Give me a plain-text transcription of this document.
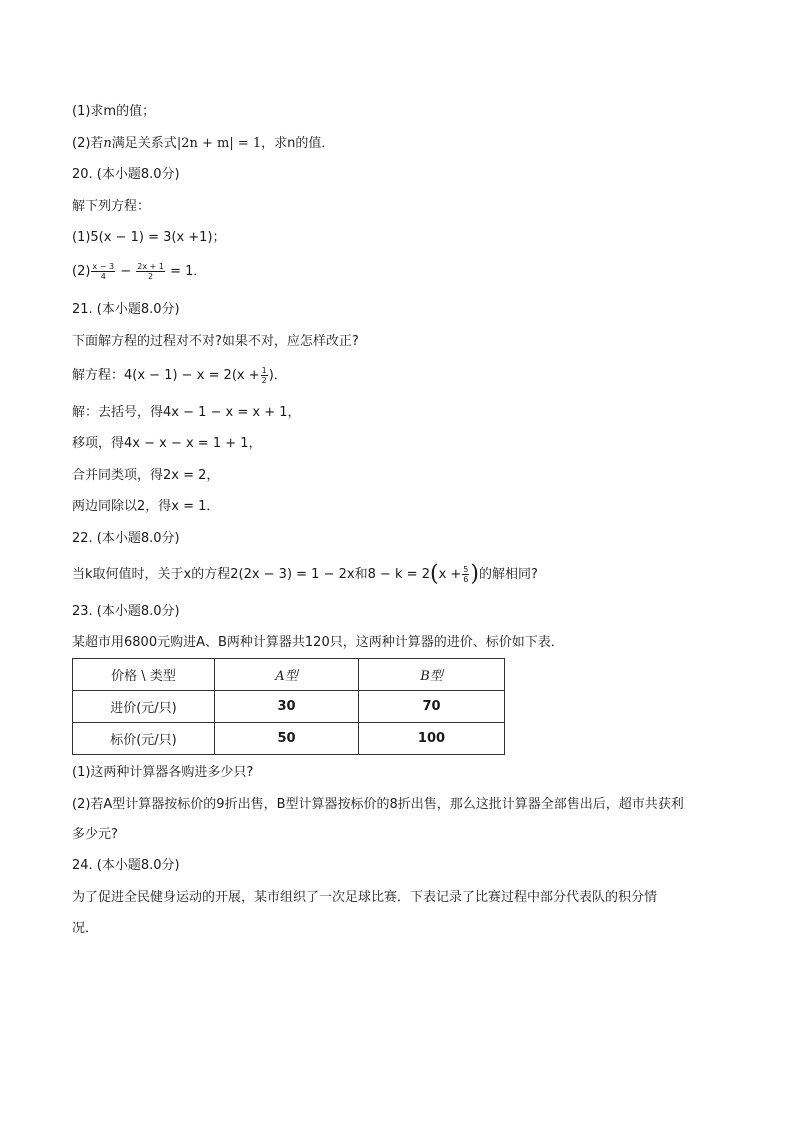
(1)求m的值；
(2)若n满足关系式|2n + m| = 1，求n的值．
20. (本小题8.0分)
解下列方程：
(1)5(x − 1) = 3(x +1)；
$(2) \frac{x - 3}{4} - \frac{2x + 1}{2} = 1$．
21. (本小题8.0分)
下面解方程的过程对不对?如果不对，应怎样改正?
解方程：$4(x - 1) - x = 2(x + \frac{1}{2}$ )．
解：去括号，得4x − 1 − x = x + 1，
移项，得4x − x − x = 1 + 1，
合并同类项，得2x = 2，
两边同除以2，得x = 1．
22. (本小题8.0分)
当k取何值时，关于x的方程2(2x − 3) = 1 − 2x和$8 - k = 2(x + \frac{5}{6}$ )的解相同?
23. (本小题8.0分)
某超市用6800元购进A、B两种计算器共120只，这两种计算器的进价、标价如下表．
价格 \ 类型	A型	B型
进价(元/只)	30	70
标价(元/只)	50	100
(1)这两种计算器各购进多少只?
(2)若A型计算器按标价的9折出售，B型计算器按标价的8折出售，那么这批计算器全部售出后，超市共获利
多少元?
24. (本小题8.0分)
为了促进全民健身运动的开展，某市组织了一次足球比赛．下表记录了比赛过程中部分代表队的积分情
况．
